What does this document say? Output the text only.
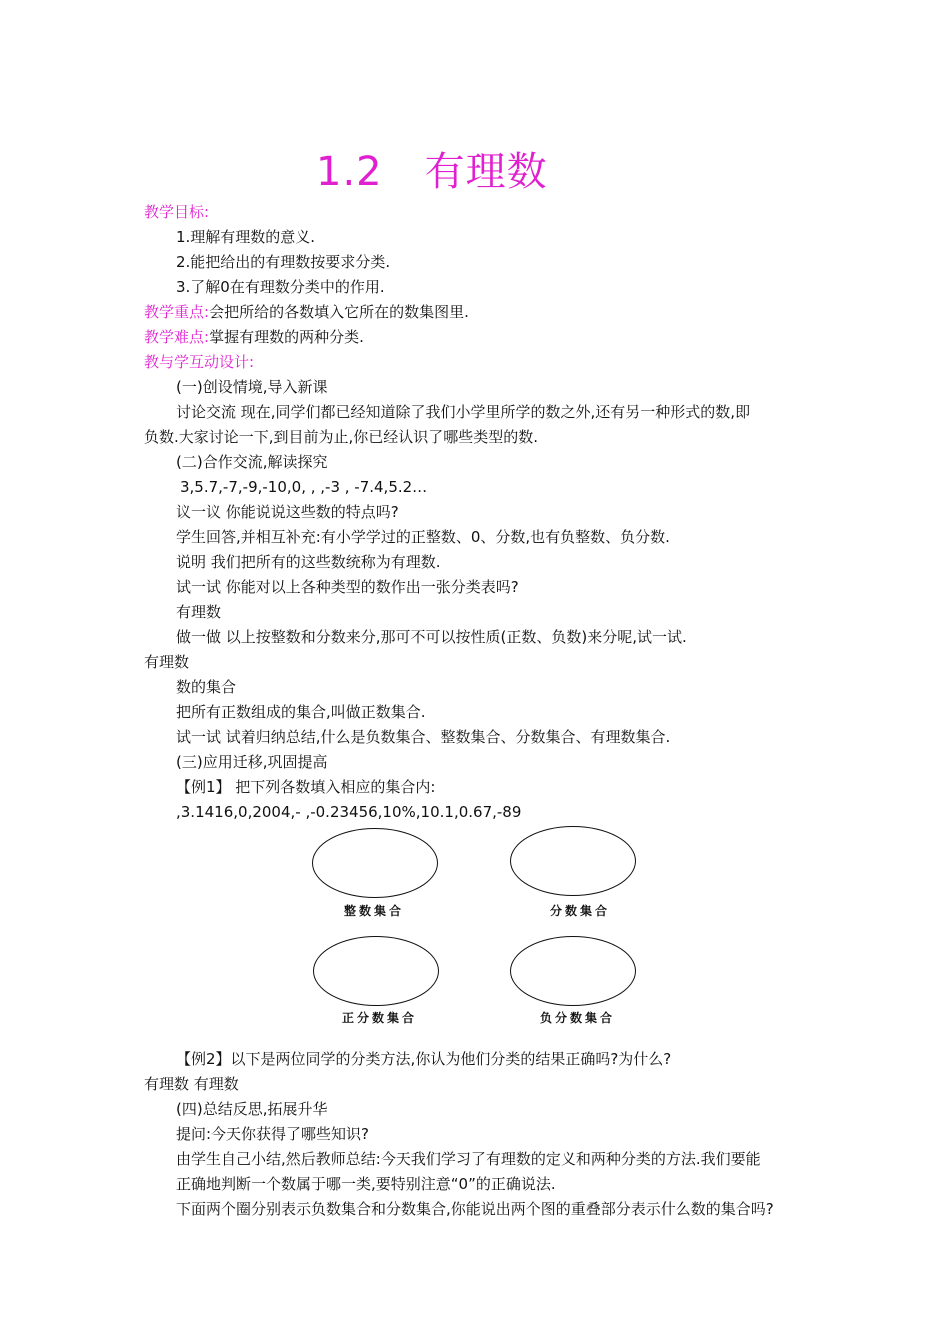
1.2 有理数
教学目标:
1.理解有理数的意义.
2.能把给出的有理数按要求分类.
3.了解0在有理数分类中的作用.
教学重点:会把所给的各数填入它所在的数集图里.
教学难点:掌握有理数的两种分类.
教与学互动设计:
(一)创设情境,导入新课
讨论交流 现在,同学们都已经知道除了我们小学里所学的数之外,还有另一种形式的数,即
负数.大家讨论一下,到目前为止,你已经认识了哪些类型的数.
(二)合作交流,解读探究
3,5.7,-7,-9,-10,0, , ,-3 , -7.4,5.2…
议一议 你能说说这些数的特点吗?
学生回答,并相互补充:有小学学过的正整数、0、分数,也有负整数、负分数.
说明 我们把所有的这些数统称为有理数.
试一试 你能对以上各种类型的数作出一张分类表吗?
有理数
做一做 以上按整数和分数来分,那可不可以按性质(正数、负数)来分呢,试一试.
有理数
数的集合
把所有正数组成的集合,叫做正数集合.
试一试 试着归纳总结,什么是负数集合、整数集合、分数集合、有理数集合.
(三)应用迁移,巩固提高
【例1】 把下列各数填入相应的集合内:
,3.1416,0,2004,- ,-0.23456,10%,10.1,0.67,-89
整数集合	分数集合
正分数集合	负分数集合
【例2】以下是两位同学的分类方法,你认为他们分类的结果正确吗?为什么?
有理数 有理数
(四)总结反思,拓展升华
提问:今天你获得了哪些知识?
由学生自己小结,然后教师总结:今天我们学习了有理数的定义和两种分类的方法.我们要能
正确地判断一个数属于哪一类,要特别注意“0”的正确说法.
下面两个圈分别表示负数集合和分数集合,你能说出两个图的重叠部分表示什么数的集合吗?
